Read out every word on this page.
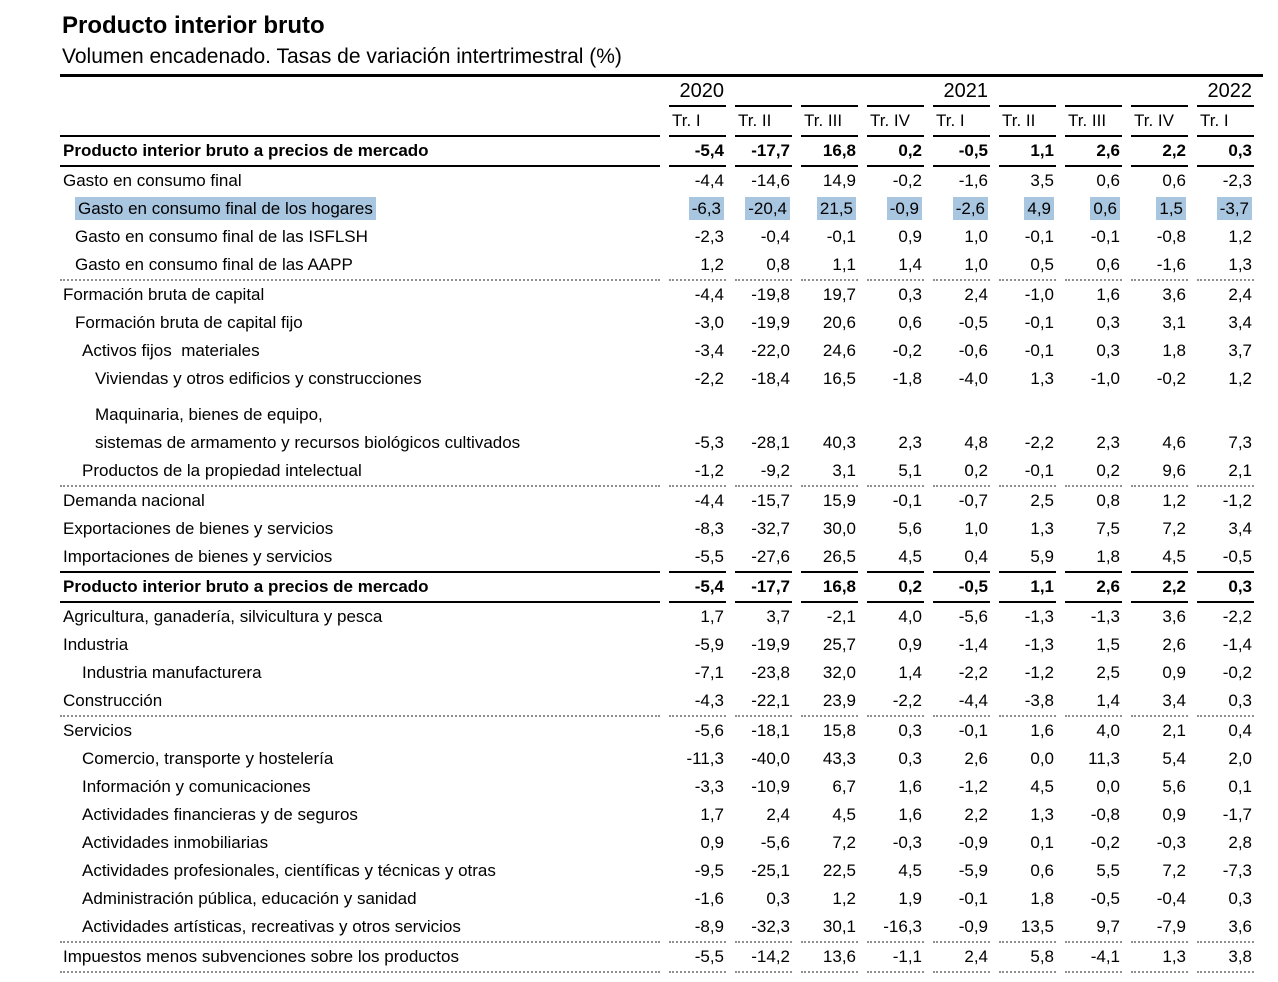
Producto interior bruto
Volumen encadenado. Tasas de variación intertrimestral (%)
	2020				2021				2022
	Tr. I	Tr. II	Tr. III	Tr. IV	Tr. I	Tr. II	Tr. III	Tr. IV	Tr. I
Producto interior bruto a precios de mercado	-5,4	-17,7	16,8	0,2	-0,5	1,1	2,6	2,2	0,3
Gasto en consumo final	-4,4	-14,6	14,9	-0,2	-1,6	3,5	0,6	0,6	-2,3
Gasto en consumo final de los hogares	-6,3	-20,4	21,5	-0,9	-2,6	4,9	0,6	1,5	-3,7
Gasto en consumo final de las ISFLSH	-2,3	-0,4	-0,1	0,9	1,0	-0,1	-0,1	-0,8	1,2
Gasto en consumo final de las AAPP	1,2	0,8	1,1	1,4	1,0	0,5	0,6	-1,6	1,3
Formación bruta de capital	-4,4	-19,8	19,7	0,3	2,4	-1,0	1,6	3,6	2,4
Formación bruta de capital fijo	-3,0	-19,9	20,6	0,6	-0,5	-0,1	0,3	3,1	3,4
Activos fijos  materiales	-3,4	-22,0	24,6	-0,2	-0,6	-0,1	0,3	1,8	3,7
Viviendas y otros edificios y construcciones	-2,2	-18,4	16,5	-1,8	-4,0	1,3	-1,0	-0,2	1,2

Maquinaria, bienes de equipo,
sistemas de armamento y recursos biológicos cultivados	-5,3	-28,1	40,3	2,3	4,8	-2,2	2,3	4,6	7,3
Productos de la propiedad intelectual	-1,2	-9,2	3,1	5,1	0,2	-0,1	0,2	9,6	2,1
Demanda nacional	-4,4	-15,7	15,9	-0,1	-0,7	2,5	0,8	1,2	-1,2
Exportaciones de bienes y servicios	-8,3	-32,7	30,0	5,6	1,0	1,3	7,5	7,2	3,4
Importaciones de bienes y servicios	-5,5	-27,6	26,5	4,5	0,4	5,9	1,8	4,5	-0,5
Producto interior bruto a precios de mercado	-5,4	-17,7	16,8	0,2	-0,5	1,1	2,6	2,2	0,3
Agricultura, ganadería, silvicultura y pesca	1,7	3,7	-2,1	4,0	-5,6	-1,3	-1,3	3,6	-2,2
Industria	-5,9	-19,9	25,7	0,9	-1,4	-1,3	1,5	2,6	-1,4
Industria manufacturera	-7,1	-23,8	32,0	1,4	-2,2	-1,2	2,5	0,9	-0,2
Construcción	-4,3	-22,1	23,9	-2,2	-4,4	-3,8	1,4	3,4	0,3
Servicios	-5,6	-18,1	15,8	0,3	-0,1	1,6	4,0	2,1	0,4
Comercio, transporte y hostelería	-11,3	-40,0	43,3	0,3	2,6	0,0	11,3	5,4	2,0
Información y comunicaciones	-3,3	-10,9	6,7	1,6	-1,2	4,5	0,0	5,6	0,1
Actividades financieras y de seguros	1,7	2,4	4,5	1,6	2,2	1,3	-0,8	0,9	-1,7
Actividades inmobiliarias	0,9	-5,6	7,2	-0,3	-0,9	0,1	-0,2	-0,3	2,8
Actividades profesionales, científicas y técnicas y otras	-9,5	-25,1	22,5	4,5	-5,9	0,6	5,5	7,2	-7,3
Administración pública, educación y sanidad	-1,6	0,3	1,2	1,9	-0,1	1,8	-0,5	-0,4	0,3
Actividades artísticas, recreativas y otros servicios	-8,9	-32,3	30,1	-16,3	-0,9	13,5	9,7	-7,9	3,6
Impuestos menos subvenciones sobre los productos	-5,5	-14,2	13,6	-1,1	2,4	5,8	-4,1	1,3	3,8
